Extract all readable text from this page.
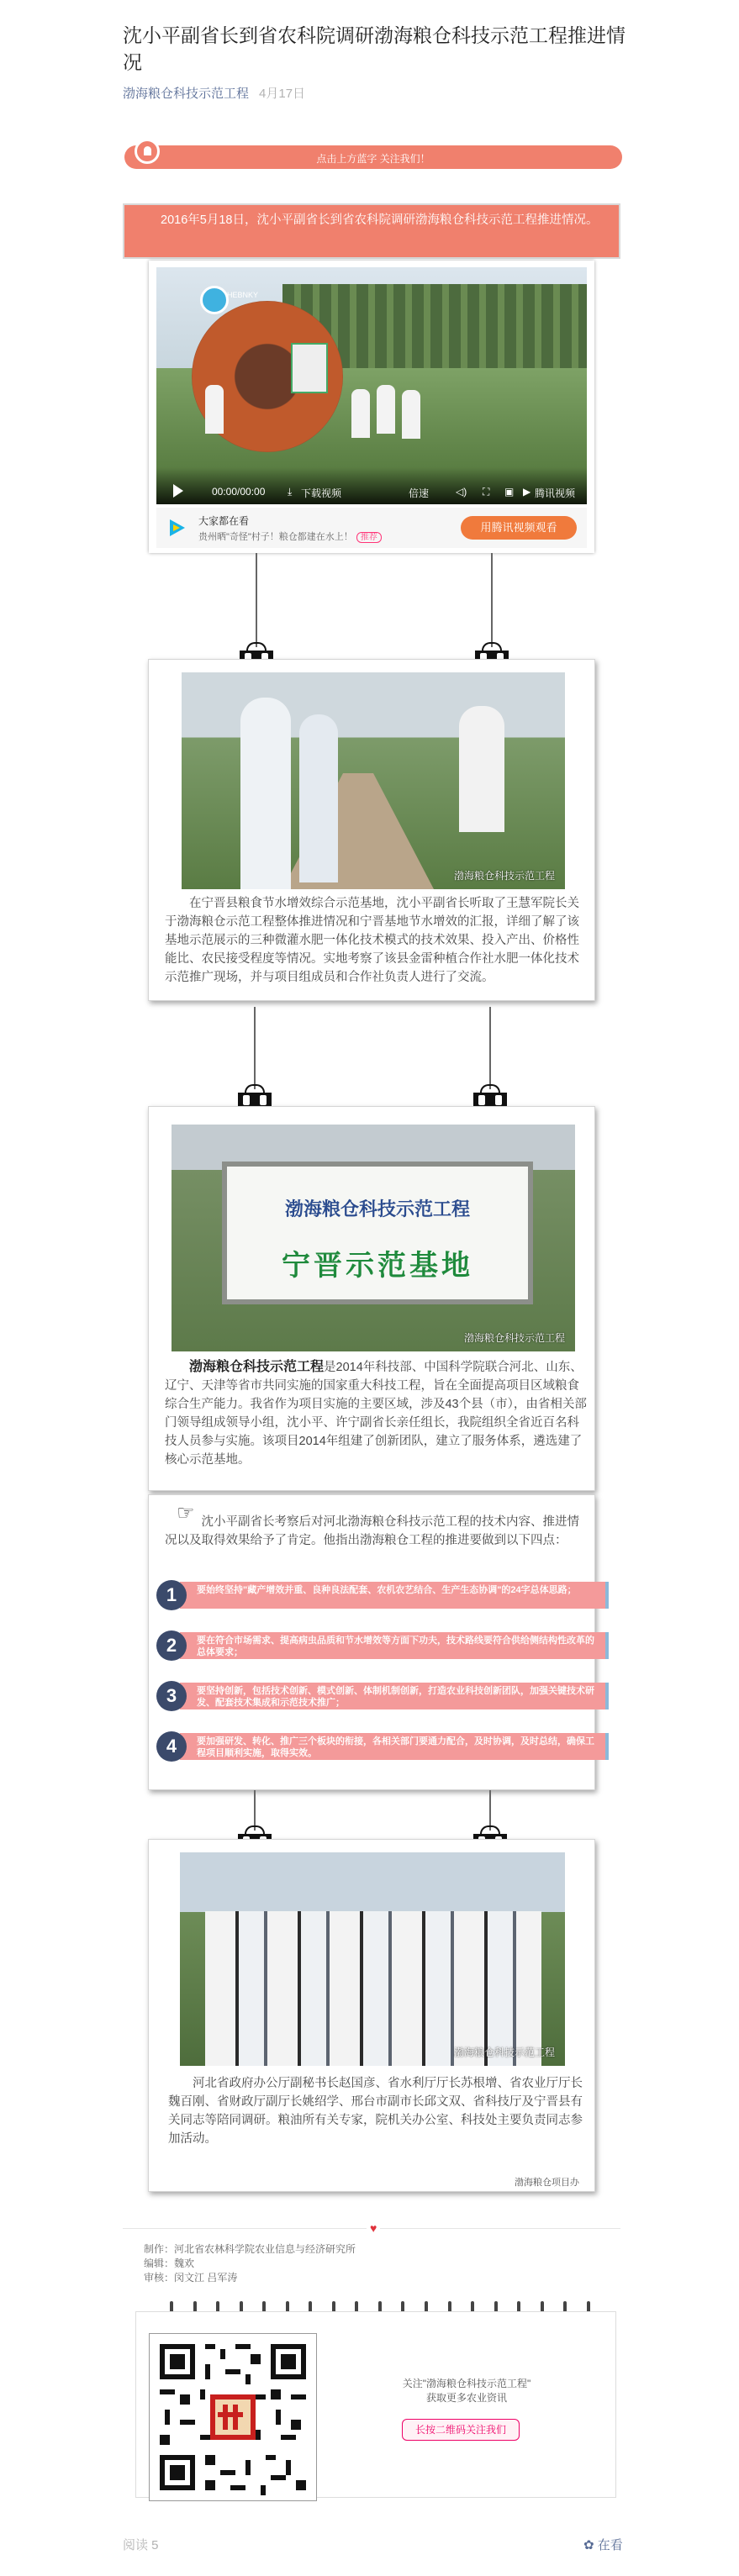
沈小平副省长到省农科院调研渤海粮仓科技示范工程推进情况
渤海粮仓科技示范工程 4月17日
点击上方蓝字 关注我们！
2016年5月18日，沈小平副省长到省农科院调研渤海粮仓科技示范工程推进情况。
HEBNKY
00:00/00:00 ⤓ 下载视频	倍速	◁) ⛶ ▣ ▶ 腾讯视频
大家都在看
贵州晒"奇怪"村子！粮仓都建在水上！ 推荐
用腾讯视频观看
渤海粮仓科技示范工程
在宁晋县粮食节水增效综合示范基地，沈小平副省长听取了王慧军院长关于渤海粮仓示范工程整体推进情况和宁晋基地节水增效的汇报，详细了解了该基地示范展示的三种微灌水肥一体化技术模式的技术效果、投入产出、价格性能比、农民接受程度等情况。实地考察了该县金雷种植合作社水肥一体化技术示范推广现场，并与项目组成员和合作社负责人进行了交流。
渤海粮仓科技示范工程
宁晋示范基地
渤海粮仓科技示范工程
渤海粮仓科技示范工程是2014年科技部、中国科学院联合河北、山东、辽宁、天津等省市共同实施的国家重大科技工程，旨在全面提高项目区域粮食综合生产能力。我省作为项目实施的主要区域，涉及43个县（市），由省相关部门领导组成领导小组，沈小平、许宁副省长亲任组长，我院组织全省近百名科技人员参与实施。该项目2014年组建了创新团队，建立了服务体系，遴选建了核心示范基地。
☞ 沈小平副省长考察后对河北渤海粮仓科技示范工程的技术内容、推进情况以及取得效果给予了肯定。他指出渤海粮仓工程的推进要做到以下四点：
1	要始终坚持"藏产增效并重、良种良法配套、农机农艺结合、生产生态协调"的24字总体思路；
2	要在符合市场需求、提高病虫品质和节水增效等方面下功夫，技术路线要符合供给侧结构性改革的总体要求；
3	要坚持创新，包括技术创新、模式创新、体制机制创新，打造农业科技创新团队，加强关键技术研发、配套技术集成和示范技术推广；
4	要加强研发、转化、推广三个板块的衔接，各相关部门要通力配合，及时协调，及时总结，确保工程项目顺利实施，取得实效。
渤海粮仓科技示范工程
河北省政府办公厅副秘书长赵国彦、省水利厅厅长苏根增、省农业厅厅长魏百刚、省财政厅副厅长姚绍学、邢台市副市长邱文双、省科技厅及宁晋县有关同志等陪同调研。粮油所有关专家，院机关办公室、科技处主要负责同志参加活动。
渤海粮仓项目办
♥
制作：河北省农林科学院农业信息与经济研究所
编辑：魏欢
审核：闵文江 吕军涛
关注"渤海粮仓科技示范工程"
获取更多农业资讯
长按二维码关注我们
阅读 5	✿ 在看
